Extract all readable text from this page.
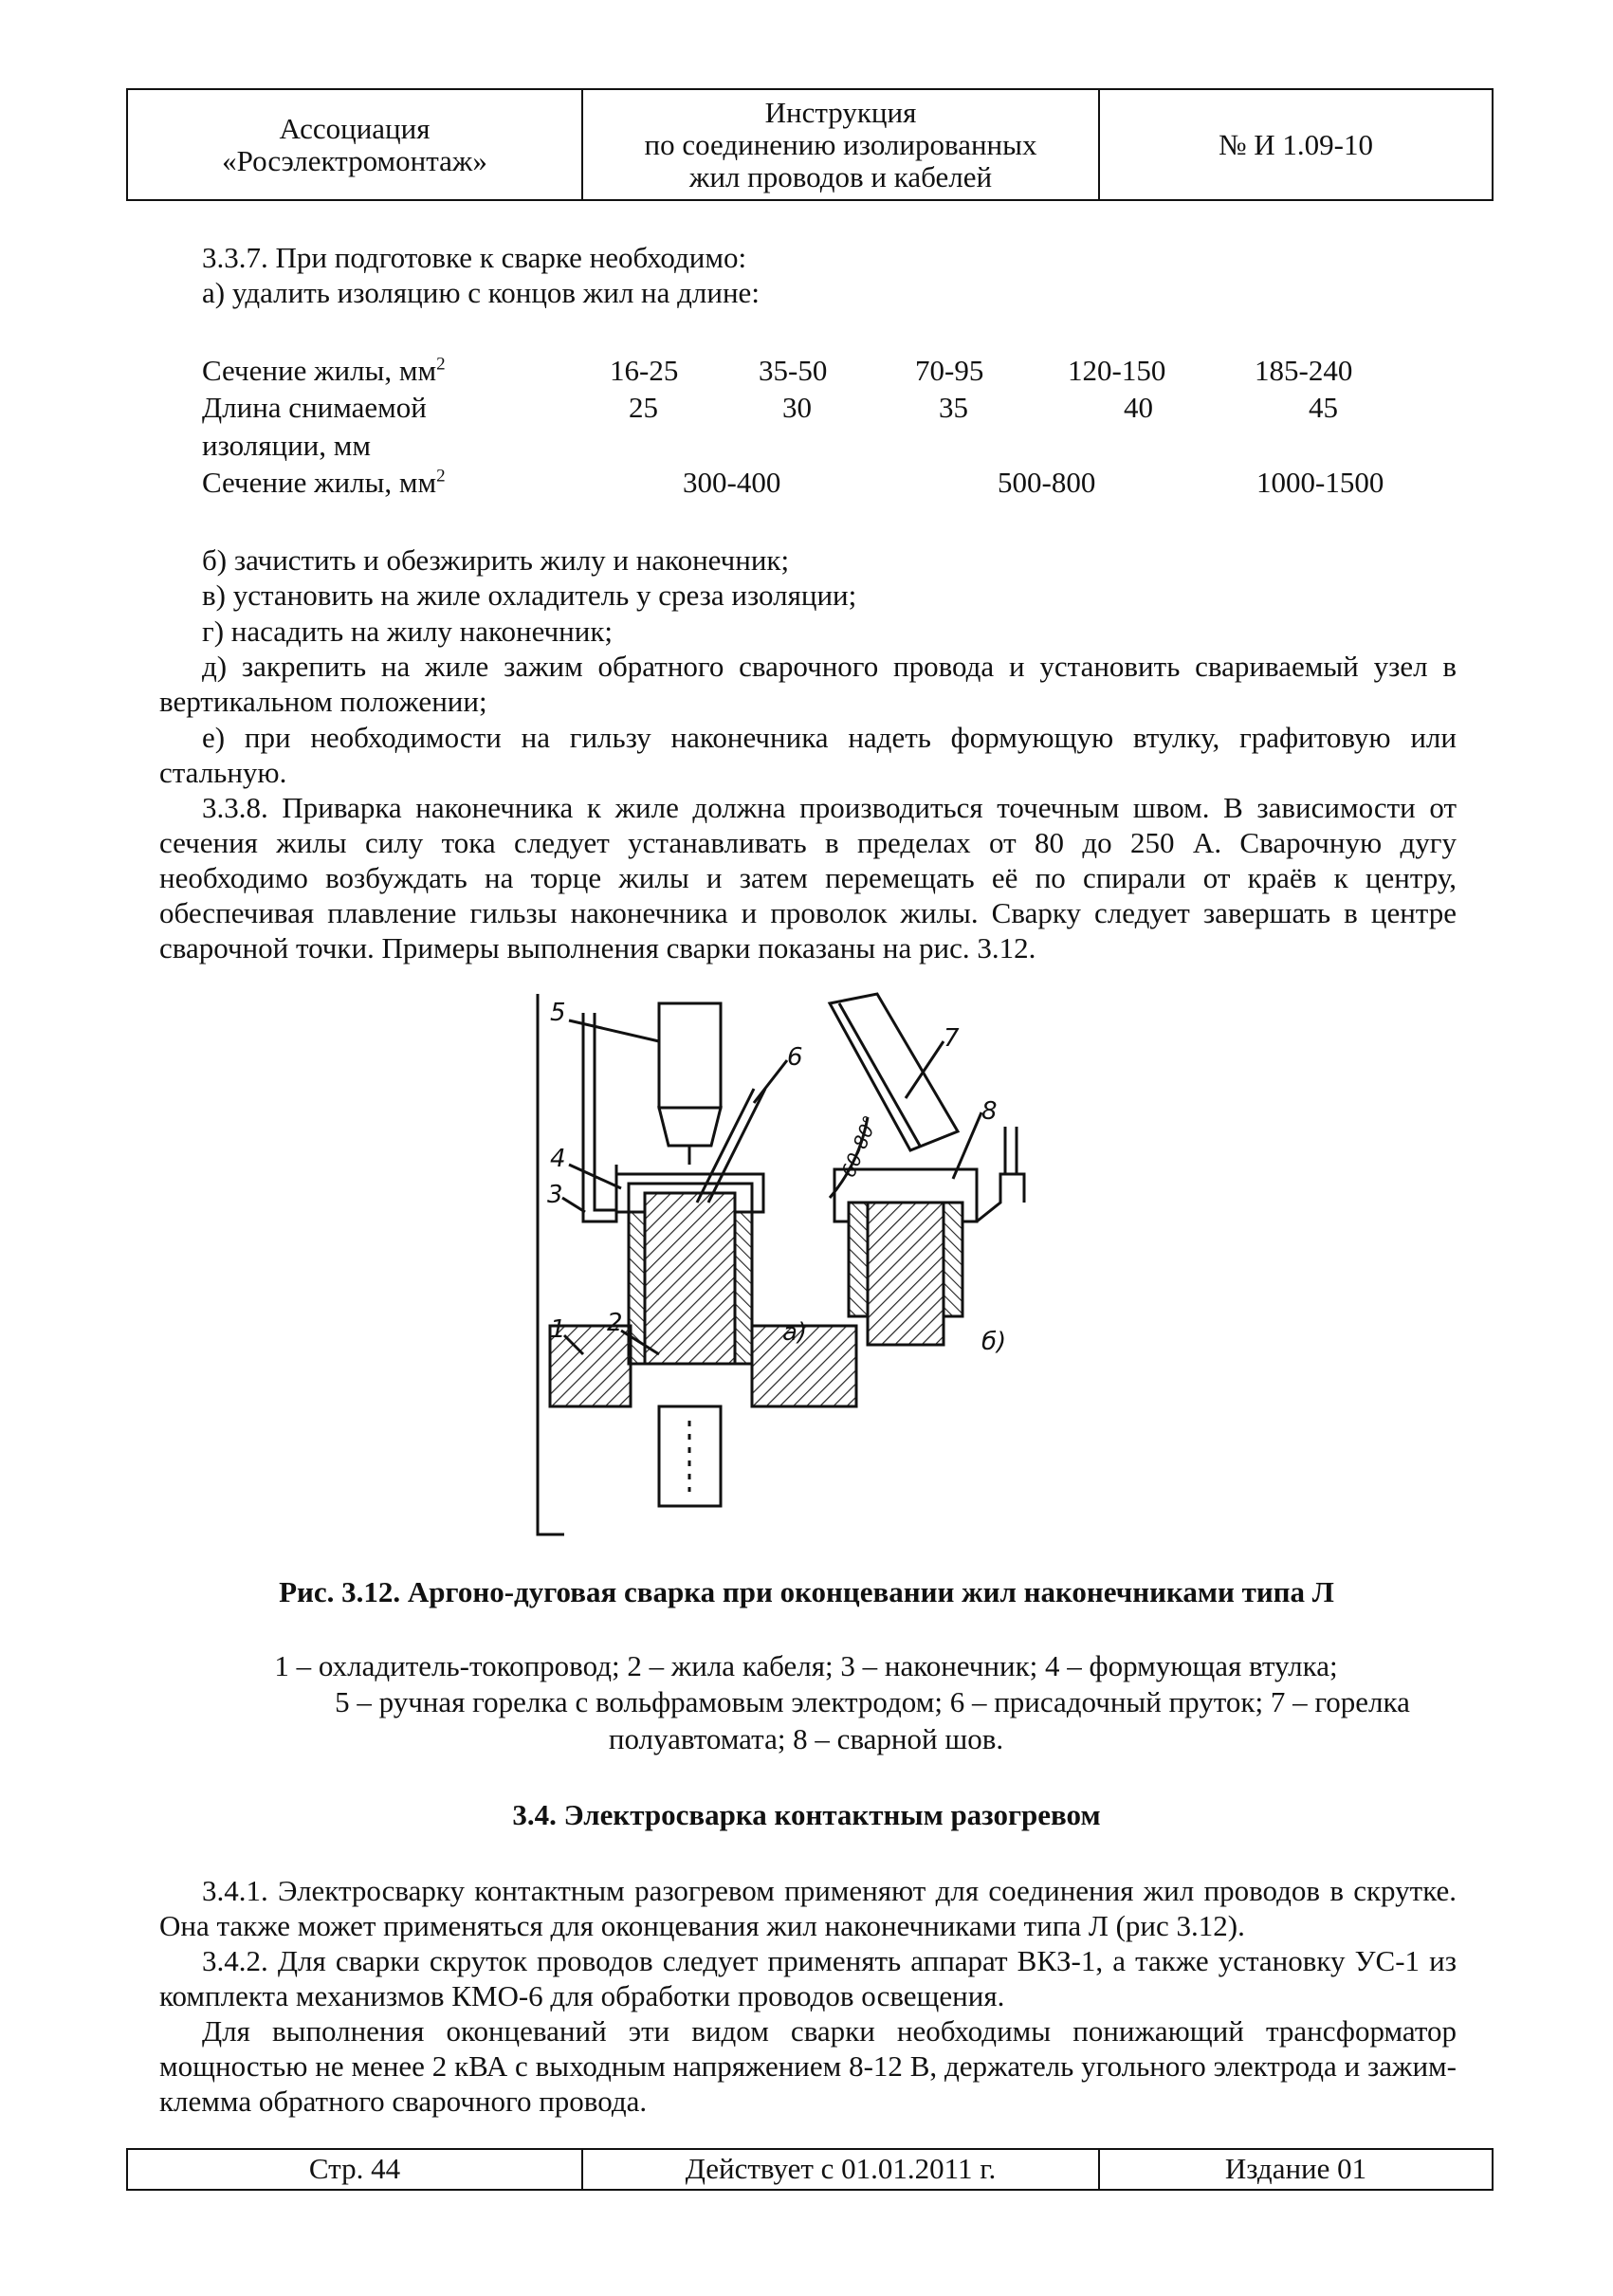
Ассоциация
«Росэлектромонтаж»
Инструкция
по соединению изолированных
жил проводов и кабелей
№ И 1.09-10
3.3.7. При подготовке к сварке необходимо:
а) удалить изоляцию с концов жил на длине:
Сечение жилы, $мм^2$	16-25	35-50	70-95	120-150	185-240
Длина снимаемой	25	30	35	40	45
изоляции, мм
Сечение жилы, $мм^2$	300-400	500-800	1000-1500
б) зачистить и обезжирить жилу и наконечник;
в) установить на жиле охладитель у среза изоляции;
г) насадить на жилу наконечник;
д) закрепить на жиле зажим обратного сварочного провода и установить свариваемый узел в вертикальном положении;
е) при необходимости на гильзу наконечника надеть формующую втулку, графитовую или стальную.
3.3.8. Приварка наконечника к жиле должна производиться точечным швом. В зависимости от сечения жилы силу тока следует устанавливать в пределах от 80 до 250 А. Сварочную дугу необходимо возбуждать на торце жилы и затем перемещать её по спирали от краёв к центру, обеспечивая плавление гильзы наконечника и проволок жилы. Сварку следует завершать в центре сварочной точки. Примеры выполнения сварки показаны на рис. 3.12.
5
6
7
8
4
3
1 2	а)	б)
60-80°
Рис. 3.12. Аргоно-дуговая сварка при оконцевании жил наконечниками типа Л
1 – охладитель-токопровод; 2 – жила кабеля; 3 – наконечник; 4 – формующая втулка;
5 – ручная горелка с вольфрамовым электродом; 6 – присадочный пруток; 7 – горелка
полуавтомата; 8 – сварной шов.
3.4. Электросварка контактным разогревом
3.4.1. Электросварку контактным разогревом применяют для соединения жил проводов в скрутке. Она также может применяться для оконцевания жил наконечниками типа Л (рис 3.12).
3.4.2. Для сварки скруток проводов следует применять аппарат ВКЗ-1, а также установку УС-1 из комплекта механизмов КМО-6 для обработки проводов освещения.
Для выполнения оконцеваний эти видом сварки необходимы понижающий трансформатор мощностью не менее 2 кВА с выходным напряжением 8-12 В, держатель угольного электрода и зажим-клемма обратного сварочного провода.
Стр. 44	Действует с 01.01.2011 г.	Издание 01
